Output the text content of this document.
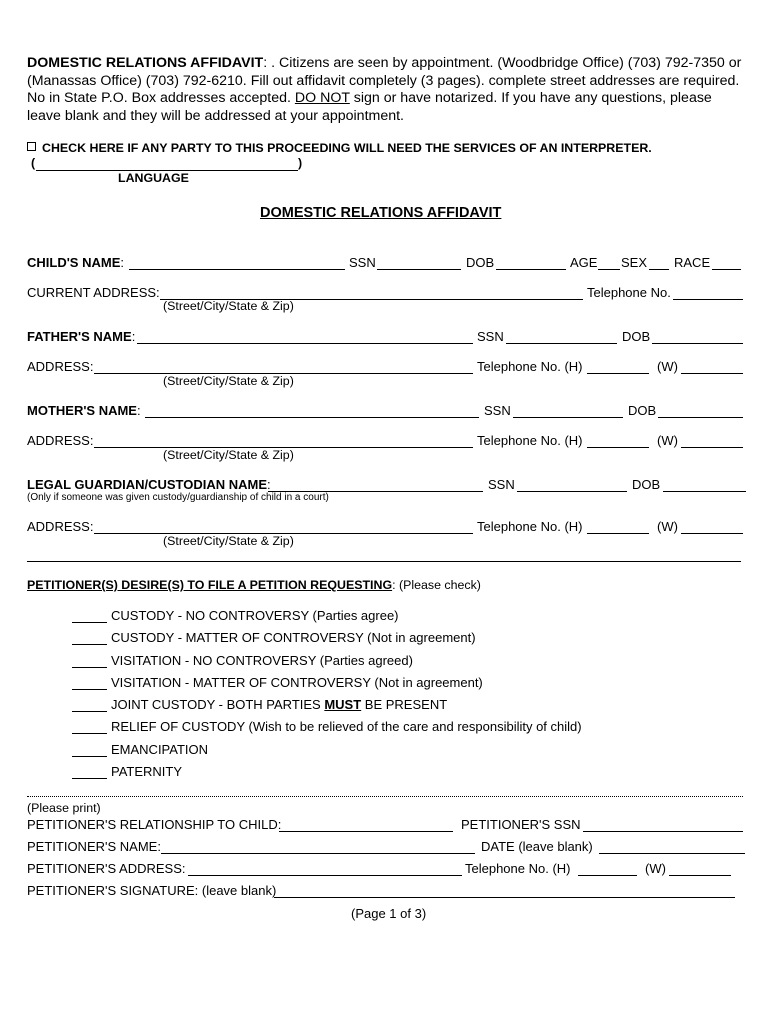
DOMESTIC RELATIONS AFFIDAVIT: . Citizens are seen by appointment. (Woodbridge Office) (703) 792-7350 or (Manassas Office) (703) 792-6210. Fill out affidavit completely (3 pages). complete street addresses are required. No in State P.O. Box addresses accepted. DO NOT sign or have notarized. If you have any questions, please leave blank and they will be addressed at your appointment.
CHECK HERE IF ANY PARTY TO THIS PROCEEDING WILL NEED THE SERVICES OF AN INTERPRETER.
(	)
LANGUAGE
DOMESTIC RELATIONS AFFIDAVIT
CHILD'S NAME:	SSN	DOB	AGE SEX RACE
CURRENT ADDRESS:	Telephone No.
(Street/City/State & Zip)
FATHER'S NAME:	SSN	DOB
ADDRESS:	Telephone No. (H)	(W)
(Street/City/State & Zip)
MOTHER'S NAME:	SSN	DOB
ADDRESS:	Telephone No. (H)	(W)
(Street/City/State & Zip)
LEGAL GUARDIAN/CUSTODIAN NAME:	SSN	DOB
(Only if someone was given custody/guardianship of child in a court)
ADDRESS:	Telephone No. (H)	(W)
(Street/City/State & Zip)
PETITIONER(S) DESIRE(S) TO FILE A PETITION REQUESTING: (Please check)
CUSTODY - NO CONTROVERSY (Parties agree)
CUSTODY - MATTER OF CONTROVERSY (Not in agreement)
VISITATION - NO CONTROVERSY (Parties agreed)
VISITATION - MATTER OF CONTROVERSY (Not in agreement)
JOINT CUSTODY - BOTH PARTIES MUST BE PRESENT
RELIEF OF CUSTODY (Wish to be relieved of the care and responsibility of child)
EMANCIPATION
PATERNITY
(Please print)
PETITIONER'S RELATIONSHIP TO CHILD:	PETITIONER'S SSN
PETITIONER'S NAME:	DATE (leave blank)
PETITIONER'S ADDRESS:	Telephone No. (H)	(W)
PETITIONER'S SIGNATURE: (leave blank)
(Page 1 of 3)
